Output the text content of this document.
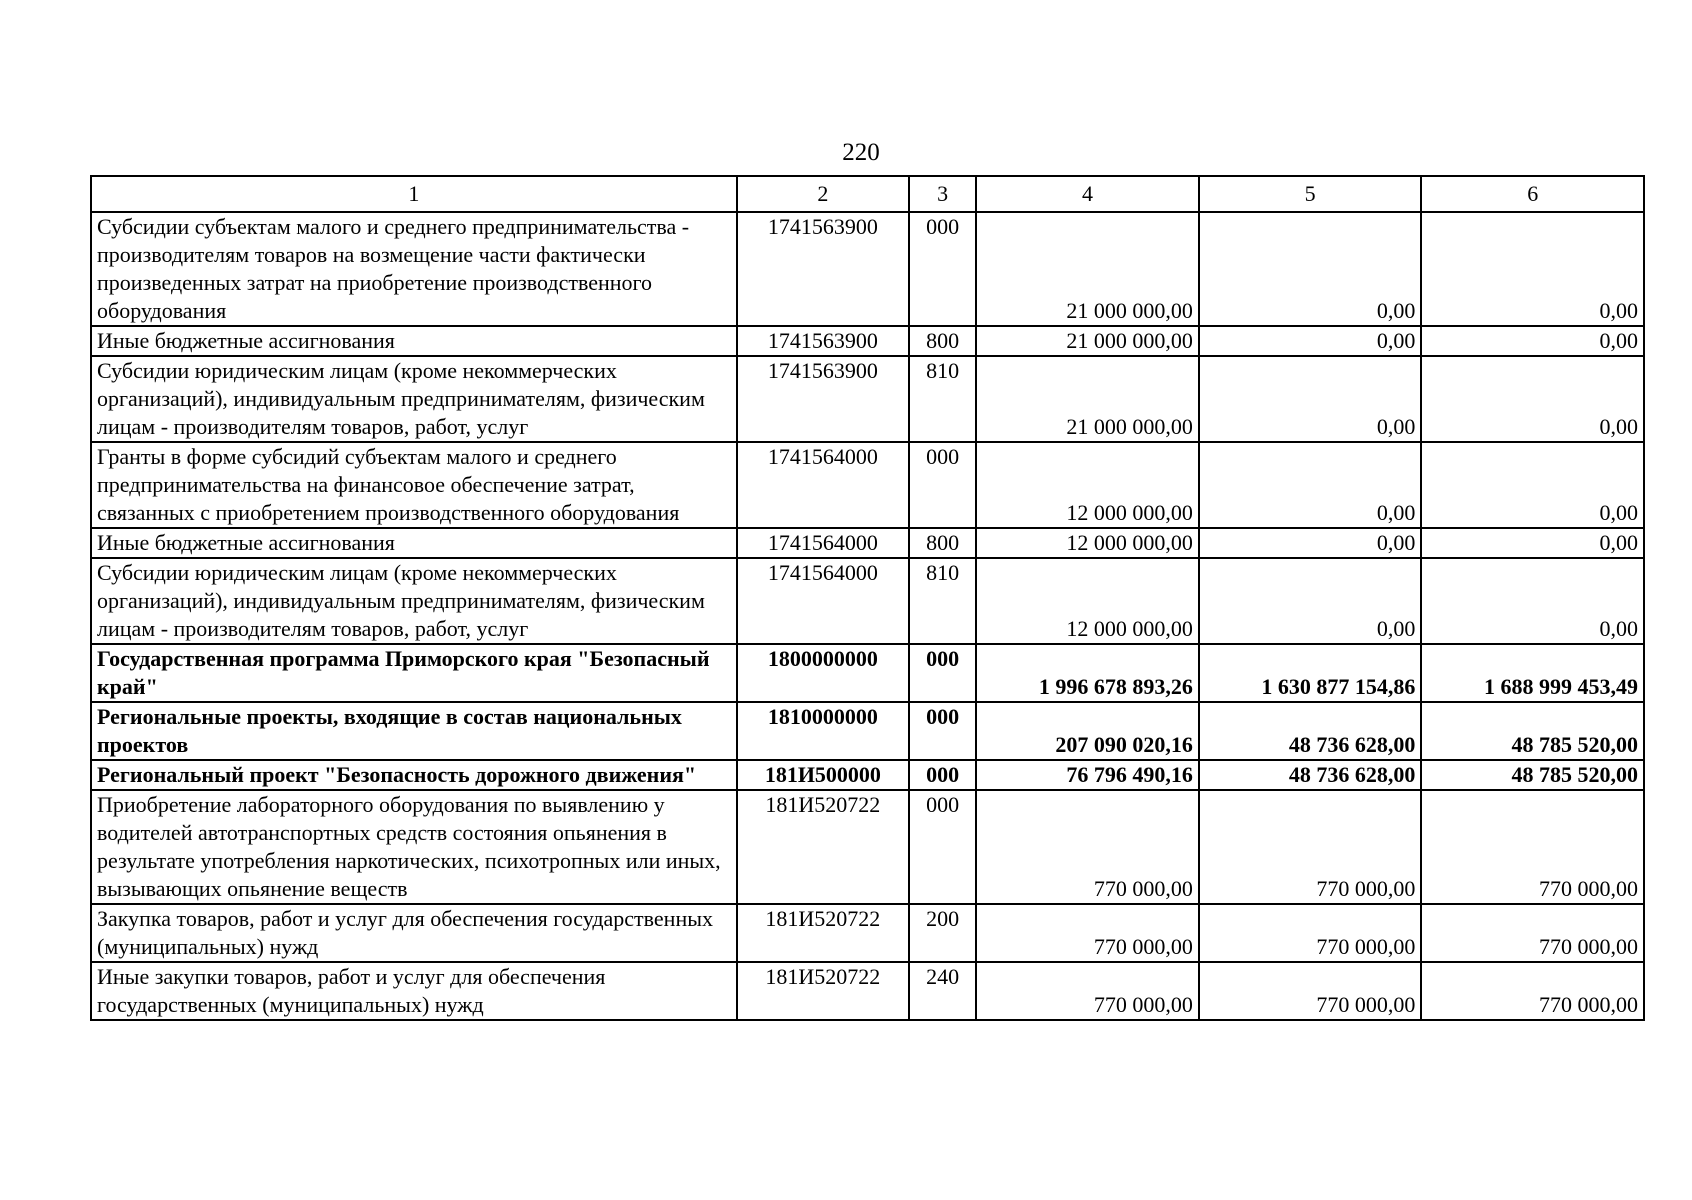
220
1	2	3	4	5	6
Субсидии субъектам малого и среднего предпринимательства - производителям товаров на возмещение части фактически произведенных затрат на приобретение производственного оборудования	1741563900	000	21 000 000,00	0,00	0,00
Иные бюджетные ассигнования	1741563900	800	21 000 000,00	0,00	0,00
Субсидии юридическим лицам (кроме некоммерческих организаций), индивидуальным предпринимателям, физическим лицам - производителям товаров, работ, услуг	1741563900	810	21 000 000,00	0,00	0,00
Гранты в форме субсидий субъектам малого и среднего предпринимательства на финансовое обеспечение затрат, связанных с приобретением производственного оборудования	1741564000	000	12 000 000,00	0,00	0,00
Иные бюджетные ассигнования	1741564000	800	12 000 000,00	0,00	0,00
Субсидии юридическим лицам (кроме некоммерческих организаций), индивидуальным предпринимателям, физическим лицам - производителям товаров, работ, услуг	1741564000	810	12 000 000,00	0,00	0,00
Государственная программа Приморского края "Безопасный край"	1800000000	000	1 996 678 893,26	1 630 877 154,86	1 688 999 453,49
Региональные проекты, входящие в состав национальных проектов	1810000000	000	207 090 020,16	48 736 628,00	48 785 520,00
Региональный проект "Безопасность дорожного движения"	181И500000	000	76 796 490,16	48 736 628,00	48 785 520,00
Приобретение лабораторного оборудования по выявлению у водителей автотранспортных средств состояния опьянения в результате употребления наркотических, психотропных или иных, вызывающих опьянение веществ	181И520722	000	770 000,00	770 000,00	770 000,00
Закупка товаров, работ и услуг для обеспечения государственных (муниципальных) нужд	181И520722	200	770 000,00	770 000,00	770 000,00
Иные закупки товаров, работ и услуг для обеспечения государственных (муниципальных) нужд	181И520722	240	770 000,00	770 000,00	770 000,00
